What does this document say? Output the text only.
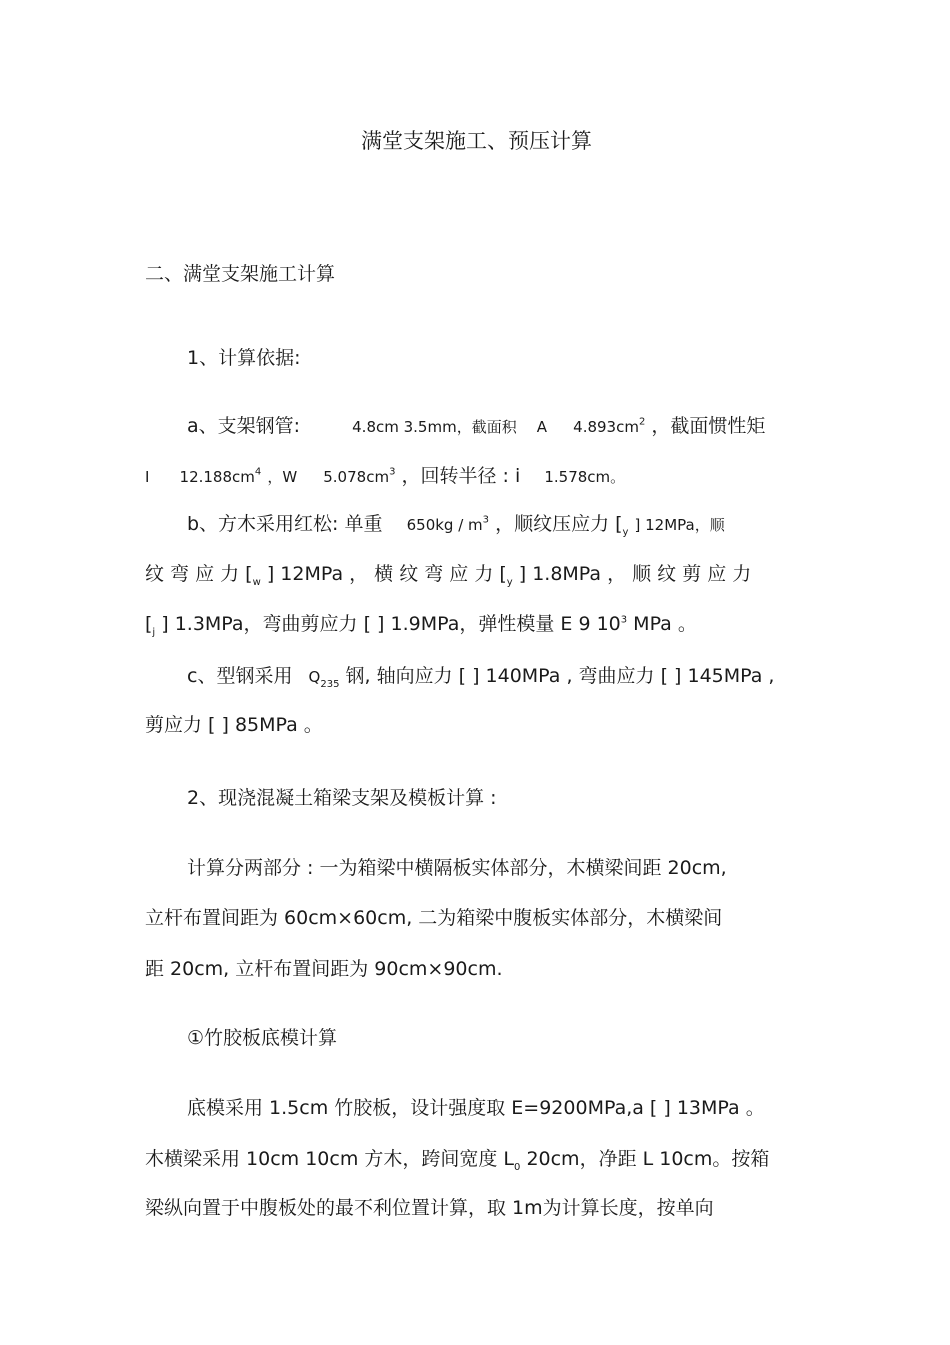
满堂支架施工、预压计算
二、满堂支架施工计算
1、计算依据:
a、支架钢管:	4.8cm 3.5mm，截面积 A $4.893cm^2$ ，截面惯性矩
I $12.188cm^4$ ，W $5.078cm^3$ ，回转半径 : i 1.578cm。
b、方木采用红松: 单重 $650kg / m^3$ ，顺纹压应力 [$_y$ ] 12MPa，顺
纹 弯 应 力 [$_w$ ] 12MPa ， 横 纹 弯 应 力 [$_y$ ] 1.8MPa ， 顺 纹 剪 应 力
[$_j$ ] 1.3MPa，弯曲剪应力 [ ] 1.9MPa，弹性模量 E 9 $10^3$ MPa 。
c、型钢采用 $Q_{235}$ 钢, 轴向应力 [ ] 140MPa , 弯曲应力 [ ] 145MPa ,
剪应力 [ ] 85MPa 。
2、现浇混凝土箱梁支架及模板计算 :
计算分两部分 : 一为箱梁中横隔板实体部分，木横梁间距 20cm,
立杆布置间距为 60cm×60cm, 二为箱梁中腹板实体部分，木横梁间
距 20cm, 立杆布置间距为 90cm×90cm.
①竹胶板底模计算
底模采用 1.5cm 竹胶板，设计强度取 E=9200MPa,a [ ] 13MPa 。
木横梁采用 10cm 10cm 方木，跨间宽度 $L_0$ 20cm，净距 L 10cm。按箱
梁纵向置于中腹板处的最不利位置计算，取 1m为计算长度，按单向
